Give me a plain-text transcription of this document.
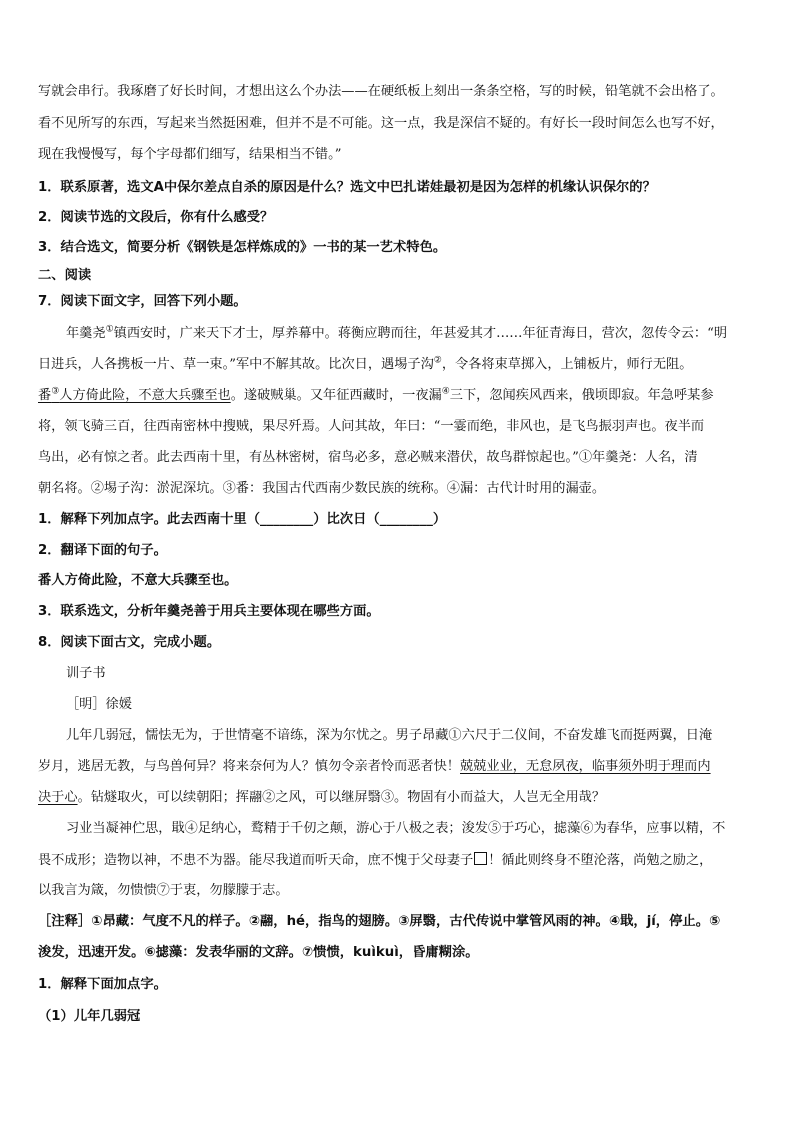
写就会串行。我琢磨了好长时间，才想出这么个办法——在硬纸板上刻出一条条空格，写的时候，铅笔就不会出格了。
看不见所写的东西，写起来当然挺困难，但并不是不可能。这一点，我是深信不疑的。有好长一段时间怎么也写不好，
现在我慢慢写，每个字母都们细写，结果相当不错。”
1．联系原著，选文A中保尔差点自杀的原因是什么？选文中巴扎诺娃最初是因为怎样的机缘认识保尔的？
2．阅读节选的文段后，你有什么感受？
3．结合选文，简要分析《钢铁是怎样炼成的》一书的某一艺术特色。
二、阅读
7．阅读下面文字，回答下列小题。
年羹尧①镇西安时，广来天下才士，厚养幕中。蒋衡应聘而往，年甚爱其才……年征青海日，营次，忽传令云：“明
日进兵，人各携板一片、草一束。”军中不解其故。比次日，遇埸子沟②，令各将束草掷入，上铺板片，师行无阻。
番③人方倚此险，不意大兵骤至也。遂破贼巢。又年征西藏时，一夜漏④三下，忽闻疾风西来，俄顷即寂。年急呼某参
将，领飞骑三百，往西南密林中搜贼，果尽歼焉。人问其故，年曰：“一霎而绝，非风也，是飞鸟振羽声也。夜半而
鸟出，必有惊之者。此去西南十里，有丛林密树，宿鸟必多，意必贼来潜伏，故鸟群惊起也。”①年羹尧：人名，清
朝名将。②埸子沟：淤泥深坑。③番：我国古代西南少数民族的统称。④漏：古代计时用的漏壶。
1．解释下列加点字。此去西南十里（________）比次日（________）
2．翻译下面的句子。
番人方倚此险，不意大兵骤至也。
3．联系选文，分析年羹尧善于用兵主要体现在哪些方面。
8．阅读下面古文，完成小题。
训子书
［明］徐媛
儿年几弱冠，懦怯无为，于世情毫不谙练，深为尔忧之。男子昂藏①六尺于二仪间，不奋发雄飞而挺两翼，日淹
岁月，逃居无教，与鸟兽何异？将来奈何为人？慎勿令亲者怜而恶者快！兢兢业业，无怠夙夜，临事须外明于理而内
决于心。钻燧取火，可以续朝阳；挥翮②之风，可以继屏翳③。物固有小而益大，人岂无全用哉？
习业当凝神伫思，戢④足纳心，鹜精于千仞之颠，游心于八极之表；浚发⑤于巧心，摅藻⑥为春华，应事以精，不
畏不成形；造物以神，不患不为器。能尽我道而听天命，庶不愧于父母妻子 ！循此则终身不堕沦落，尚勉之励之，
以我言为箴，勿愦愦⑦于衷，勿朦朦于志。
［注释］①昂藏：气度不凡的样子。②翮，hé，指鸟的翅膀。③屏翳，古代传说中掌管风雨的神。④戢，jí，停止。⑤
浚发，迅速开发。⑥摅藻：发表华丽的文辞。⑦愦愦，kuìkuì，昏庸糊涂。
1．解释下面加点字。
（1）儿年几弱冠
